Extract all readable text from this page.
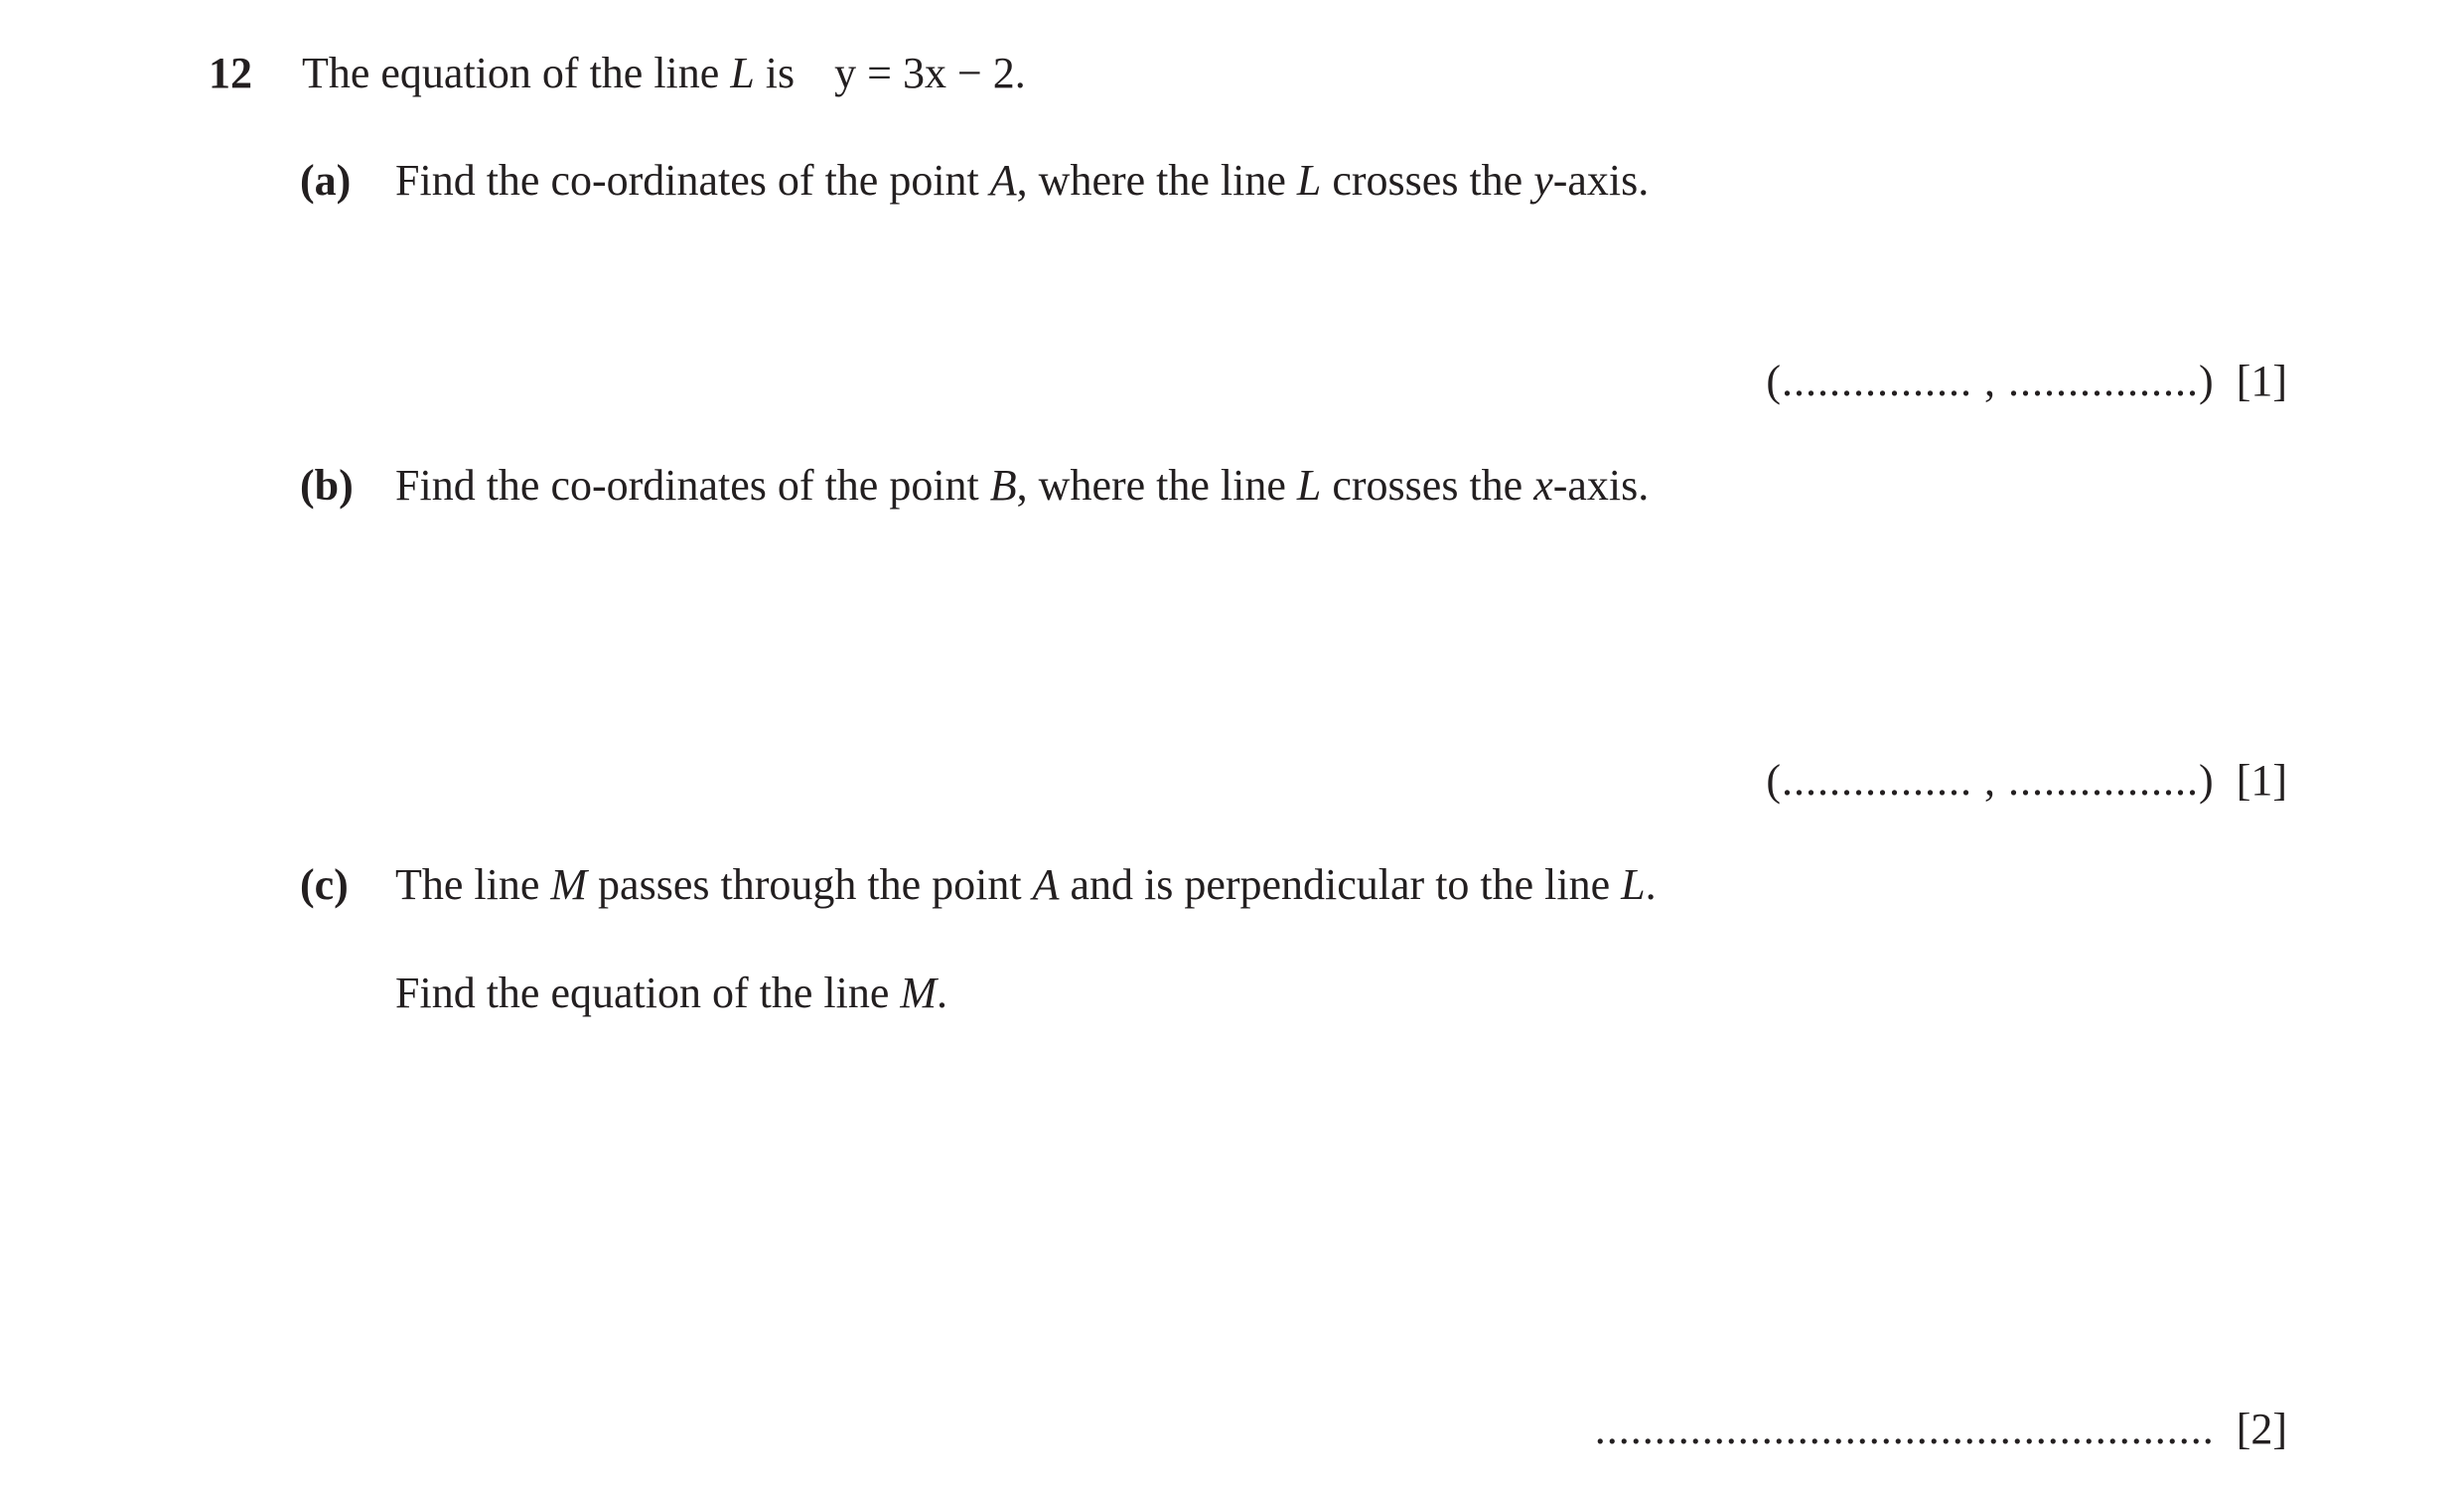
12 The equation of the line L is y = 3x − 2.
(a) Find the co-ordinates of the point A, where the line L crosses the y-axis.
(................ , ................) [1]
(b) Find the co-ordinates of the point B, where the line L crosses the x-axis.
(................ , ................) [1]
(c) The line M passes through the point A and is perpendicular to the line L.
Find the equation of the line M.
.................................................... [2]
